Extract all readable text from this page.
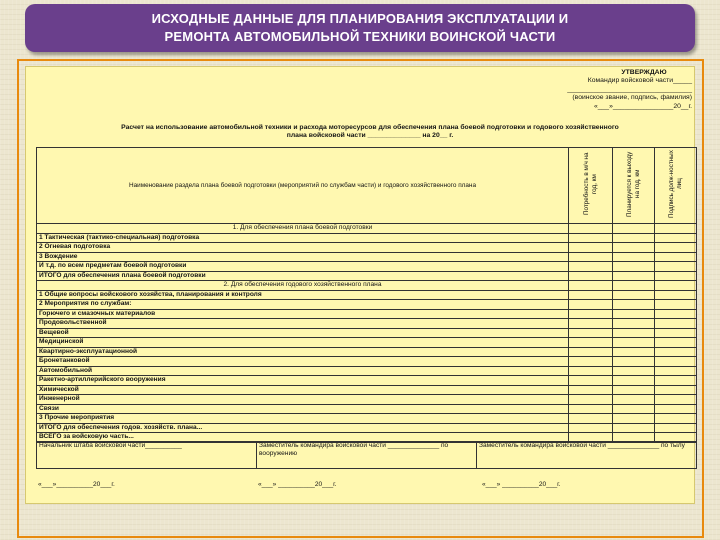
ИСХОДНЫЕ ДАННЫЕ ДЛЯ ПЛАНИРОВАНИЯ ЭКСПЛУАТАЦИИ И
РЕМОНТА АВТОМОБИЛЬНОЙ ТЕХНИКИ ВОИНСКОЙ ЧАСТИ
УТВЕРЖДАЮ
Командир войсковой части_____
_________________________________
(воинское звание, подпись, фамилия)
«___»________________20__г.
Расчет на использование автомобильной техники и расхода моторесурсов для обеспечения плана боевой подготовки и годового хозяйственного
плана войсковой части ______________ на 20__ г.
Наименование раздела плана боевой подготовки (мероприятий по службам части) и годового хозяйственного плана	Потребность в м/ч на год, км	Планируется к выходу на год, км	Подпись долж-ностных лиц
1. Для обеспечения плана боевой подготовки			
1 Тактическая (тактико-специальная) подготовка			
2 Огневая подготовка			
3 Вождение			
И т.д. по всем предметам боевой подготовки			
ИТОГО для обеспечения плана боевой подготовки			
2. Для обеспечения годового хозяйственного плана			
1 Общие вопросы войскового хозяйства, планирования и контроля			
2 Мероприятия по службам:			
Горючего и смазочных материалов			
Продовольственной			
Вещевой			
Медицинской			
Квартирно-эксплуатационной			
Бронетанковой			
Автомобильной			
Ракетно-артиллерийского вооружения			
Химической			
Инженерной			
Связи			
3 Прочие мероприятия			
ИТОГО для обеспечения годов. хозяйств. плана...			
ВСЕГО за войсковую часть...			
Начальник штаба войсковой части__________	Заместитель командира войсковой части ______________ по вооружению	Заместитель командира войсковой части ______________ по тылу
«___»__________20___г.	«___» __________20___г.	«___» __________20___г.
